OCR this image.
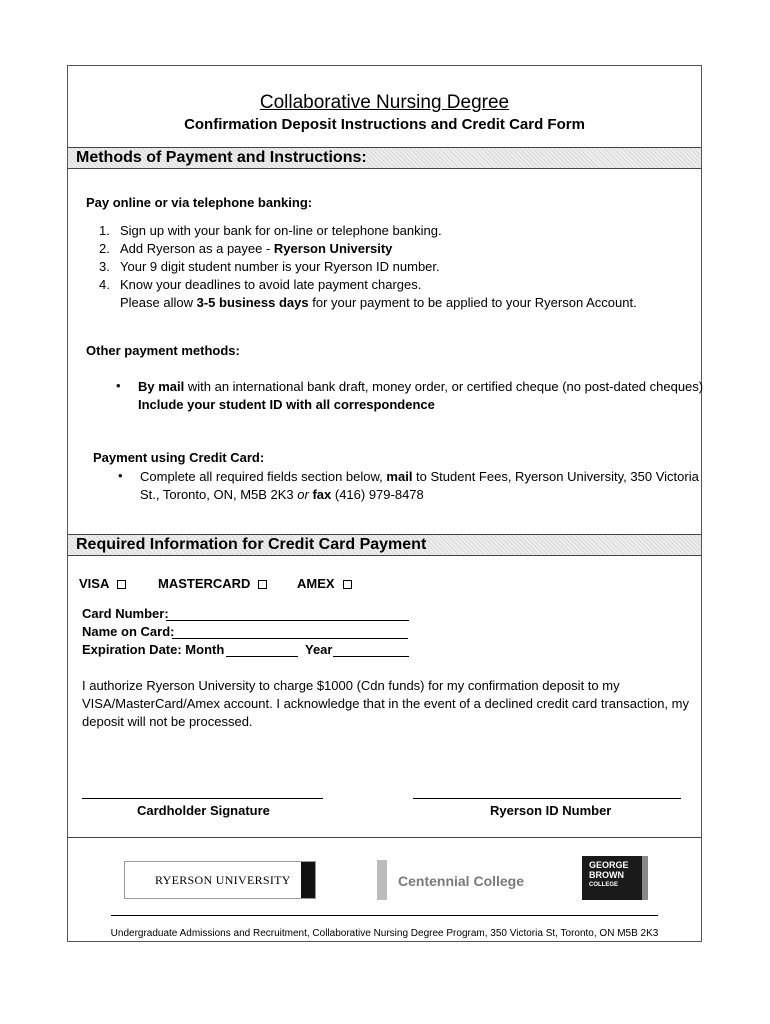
Collaborative Nursing Degree
Confirmation Deposit Instructions and Credit Card Form
Methods of Payment and Instructions:
Pay online or via telephone banking:
1. Sign up with your bank for on-line or telephone banking.
2. Add Ryerson as a payee - Ryerson University
3. Your 9 digit student number is your Ryerson ID number.
4. Know your deadlines to avoid late payment charges.
Please allow 3-5 business days for your payment to be applied to your Ryerson Account.
Other payment methods:
• By mail with an international bank draft, money order, or certified cheque (no post-dated cheques)
Include your student ID with all correspondence
Payment using Credit Card:
• Complete all required fields section below, mail to Student Fees, Ryerson University, 350 Victoria
St., Toronto, ON, M5B 2K3 or fax (416) 979-8478
Required Information for Credit Card Payment
VISA	MASTERCARD	AMEX
Card Number:
Name on Card:
Expiration Date: Month	Year
I authorize Ryerson University to charge $1000 (Cdn funds) for my confirmation deposit to my
VISA/MasterCard/Amex account. I acknowledge that in the event of a declined credit card transaction, my
deposit will not be processed.
Cardholder Signature	Ryerson ID Number
RYERSON UNIVERSITY	Centennial College
GEORGE
BROWN
COLLEGE
Undergraduate Admissions and Recruitment, Collaborative Nursing Degree Program, 350 Victoria St, Toronto, ON M5B 2K3
